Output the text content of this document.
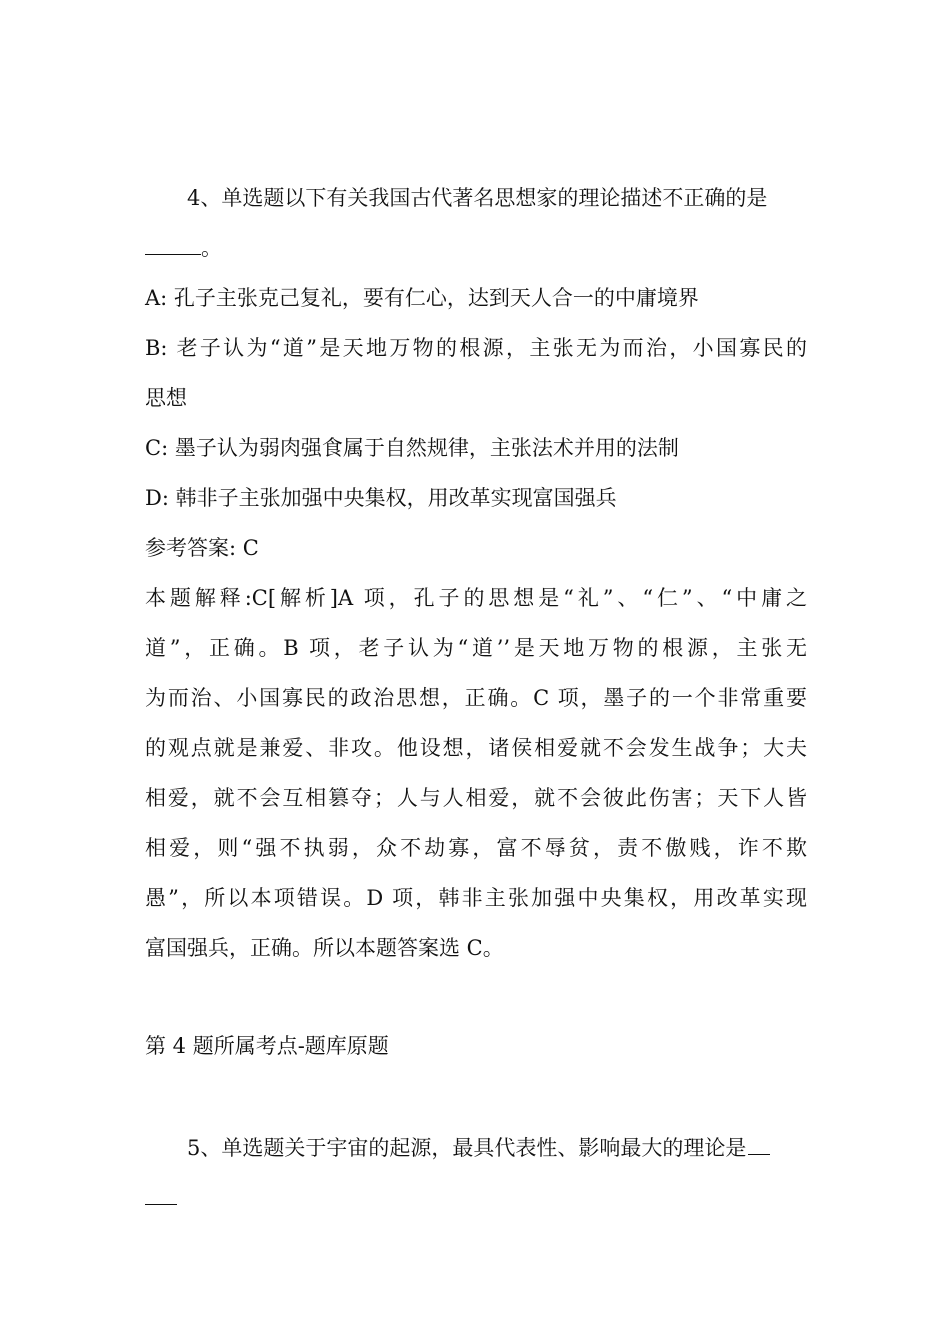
4、单选题以下有关我国古代著名思想家的理论描述不正确的是
。
A: 孔子主张克己复礼，要有仁心，达到天人合一的中庸境界
B: 老子认为“道”是天地万物的根源，主张无为而治，小国寡民的
思想
C: 墨子认为弱肉强食属于自然规律，主张法术并用的法制
D: 韩非子主张加强中央集权，用改革实现富国强兵
参考答案: C
本题解释:C[解析]A 项，孔子的思想是“礼”、“仁”、“中庸之
道”，正确。B 项，老子认为“道’’是天地万物的根源，主张无
为而治、小国寡民的政治思想，正确。C 项，墨子的一个非常重要
的观点就是兼爱、非攻。他设想，诸侯相爱就不会发生战争；大夫
相爱，就不会互相篡夺；人与人相爱，就不会彼此伤害；天下人皆
相爱，则“强不执弱，众不劫寡，富不辱贫，责不傲贱，诈不欺
愚”，所以本项错误。D 项，韩非主张加强中央集权，用改革实现
富国强兵，正确。所以本题答案选 C。
第 4 题所属考点-题库原题
5、单选题关于宇宙的起源，最具代表性、影响最大的理论是
